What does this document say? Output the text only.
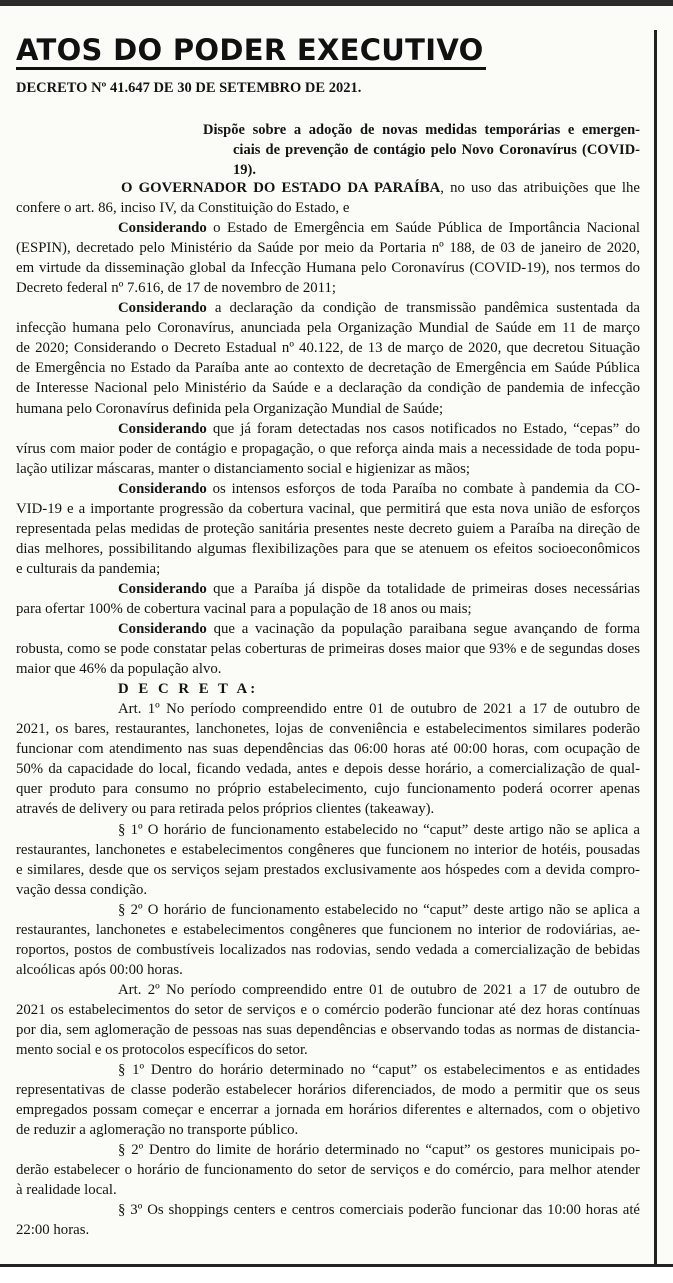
ATOS DO PODER EXECUTIVO
DECRETO Nº 41.647 DE 30 DE SETEMBRO DE 2021.
Dispõe sobre a adoção de novas medidas temporárias e emergen-
ciais de prevenção de contágio pelo Novo Coronavírus (COVID-19).
O GOVERNADOR DO ESTADO DA PARAÍBA, no uso das atribuições que lhe
confere o art. 86, inciso IV, da Constituição do Estado, e
Considerando o Estado de Emergência em Saúde Pública de Importância Nacional
(ESPIN), decretado pelo Ministério da Saúde por meio da Portaria nº 188, de 03 de janeiro de 2020,
em virtude da disseminação global da Infecção Humana pelo Coronavírus (COVID-19), nos termos do
Decreto federal nº 7.616, de 17 de novembro de 2011;
Considerando a declaração da condição de transmissão pandêmica sustentada da
infecção humana pelo Coronavírus, anunciada pela Organização Mundial de Saúde em 11 de março
de 2020; Considerando o Decreto Estadual nº 40.122, de 13 de março de 2020, que decretou Situação
de Emergência no Estado da Paraíba ante ao contexto de decretação de Emergência em Saúde Pública
de Interesse Nacional pelo Ministério da Saúde e a declaração da condição de pandemia de infecção
humana pelo Coronavírus definida pela Organização Mundial de Saúde;
Considerando que já foram detectadas nos casos notificados no Estado, “cepas” do
vírus com maior poder de contágio e propagação, o que reforça ainda mais a necessidade de toda popu-
lação utilizar máscaras, manter o distanciamento social e higienizar as mãos;
Considerando os intensos esforços de toda Paraíba no combate à pandemia da CO-
VID-19 e a importante progressão da cobertura vacinal, que permitirá que esta nova união de esforços
representada pelas medidas de proteção sanitária presentes neste decreto guiem a Paraíba na direção de
dias melhores, possibilitando algumas flexibilizações para que se atenuem os efeitos socioeconômicos
e culturais da pandemia;
Considerando que a Paraíba já dispõe da totalidade de primeiras doses necessárias
para ofertar 100% de cobertura vacinal para a população de 18 anos ou mais;
Considerando que a vacinação da população paraibana segue avançando de forma
robusta, como se pode constatar pelas coberturas de primeiras doses maior que 93% e de segundas doses
maior que 46% da população alvo.
D E C R E T A:
Art. 1º No período compreendido entre 01 de outubro de 2021 a 17 de outubro de
2021, os bares, restaurantes, lanchonetes, lojas de conveniência e estabelecimentos similares poderão
funcionar com atendimento nas suas dependências das 06:00 horas até 00:00 horas, com ocupação de
50% da capacidade do local, ficando vedada, antes e depois desse horário, a comercialização de qual-
quer produto para consumo no próprio estabelecimento, cujo funcionamento poderá ocorrer apenas
através de delivery ou para retirada pelos próprios clientes (takeaway).
§ 1º O horário de funcionamento estabelecido no “caput” deste artigo não se aplica a
restaurantes, lanchonetes e estabelecimentos congêneres que funcionem no interior de hotéis, pousadas
e similares, desde que os serviços sejam prestados exclusivamente aos hóspedes com a devida compro-
vação dessa condição.
§ 2º O horário de funcionamento estabelecido no “caput” deste artigo não se aplica a
restaurantes, lanchonetes e estabelecimentos congêneres que funcionem no interior de rodoviárias, ae-
roportos, postos de combustíveis localizados nas rodovias, sendo vedada a comercialização de bebidas
alcoólicas após 00:00 horas.
Art. 2º No período compreendido entre 01 de outubro de 2021 a 17 de outubro de
2021 os estabelecimentos do setor de serviços e o comércio poderão funcionar até dez horas contínuas
por dia, sem aglomeração de pessoas nas suas dependências e observando todas as normas de distancia-
mento social e os protocolos específicos do setor.
§ 1º Dentro do horário determinado no “caput” os estabelecimentos e as entidades
representativas de classe poderão estabelecer horários diferenciados, de modo a permitir que os seus
empregados possam começar e encerrar a jornada em horários diferentes e alternados, com o objetivo
de reduzir a aglomeração no transporte público.
§ 2º Dentro do limite de horário determinado no “caput” os gestores municipais po-
derão estabelecer o horário de funcionamento do setor de serviços e do comércio, para melhor atender
à realidade local.
§ 3º Os shoppings centers e centros comerciais poderão funcionar das 10:00 horas até
22:00 horas.
